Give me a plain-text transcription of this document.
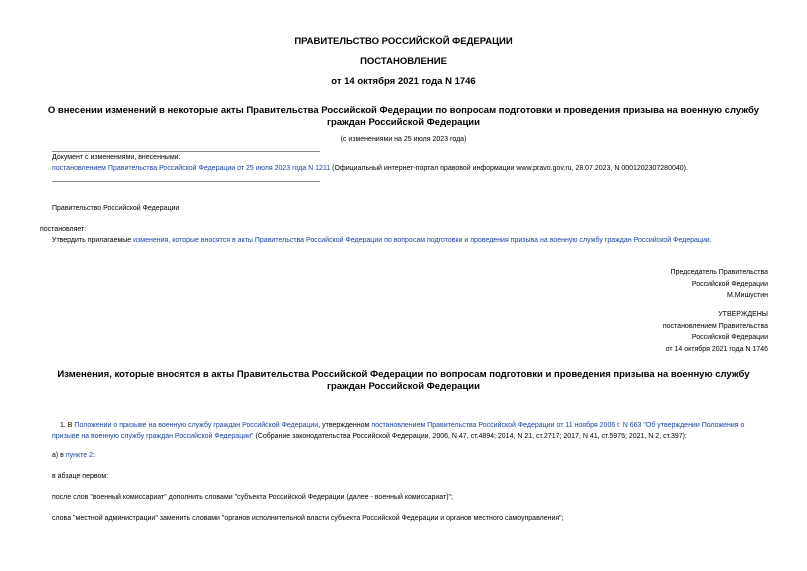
ПРАВИТЕЛЬСТВО РОССИЙСКОЙ ФЕДЕРАЦИИ
ПОСТАНОВЛЕНИЕ
от 14 октября 2021 года N 1746
О внесении изменений в некоторые акты Правительства Российской Федерации по вопросам подготовки и проведения призыва на военную службу граждан Российской Федерации
(с изменениями на 25 июля 2023 года)
Документ с изменениями, внесенными:
постановлением Правительства Российской Федерации от 25 июля 2023 года N 1211 (Официальный интернет-портал правовой информации www.pravo.gov.ru, 28.07.2023, N 0001202307280040).
Правительство Российской Федерации
постановляет:
Утвердить прилагаемые изменения, которые вносятся в акты Правительства Российской Федерации по вопросам подготовки и проведения призыва на военную службу граждан Российской Федерации.
Председатель Правительства
Российской Федерации
М.Мишустин
УТВЕРЖДЕНЫ
постановлением Правительства
Российской Федерации
от 14 октября 2021 года N 1746
Изменения, которые вносятся в акты Правительства Российской Федерации по вопросам подготовки и проведения призыва на военную службу граждан Российской Федерации
1. В Положении о призыве на военную службу граждан Российской Федерации, утвержденном постановлением Правительства Российской Федерации от 11 ноября 2006 г. N 663 "Об утверждении Положения о призыве на военную службу граждан Российской Федерации" (Собрание законодательства Российской Федерации, 2006, N 47, ст.4894; 2014, N 21, ст.2717; 2017, N 41, ст.5975; 2021, N 2, ст.397):
а) в пункте 2:
в абзаце первом:
после слов "военный комиссариат" дополнить словами "субъекта Российской Федерации (далее - военный комиссариат)";
слова "местной администрации" заменить словами "органов исполнительной власти субъекта Российской Федерации и органов местного самоуправления";
